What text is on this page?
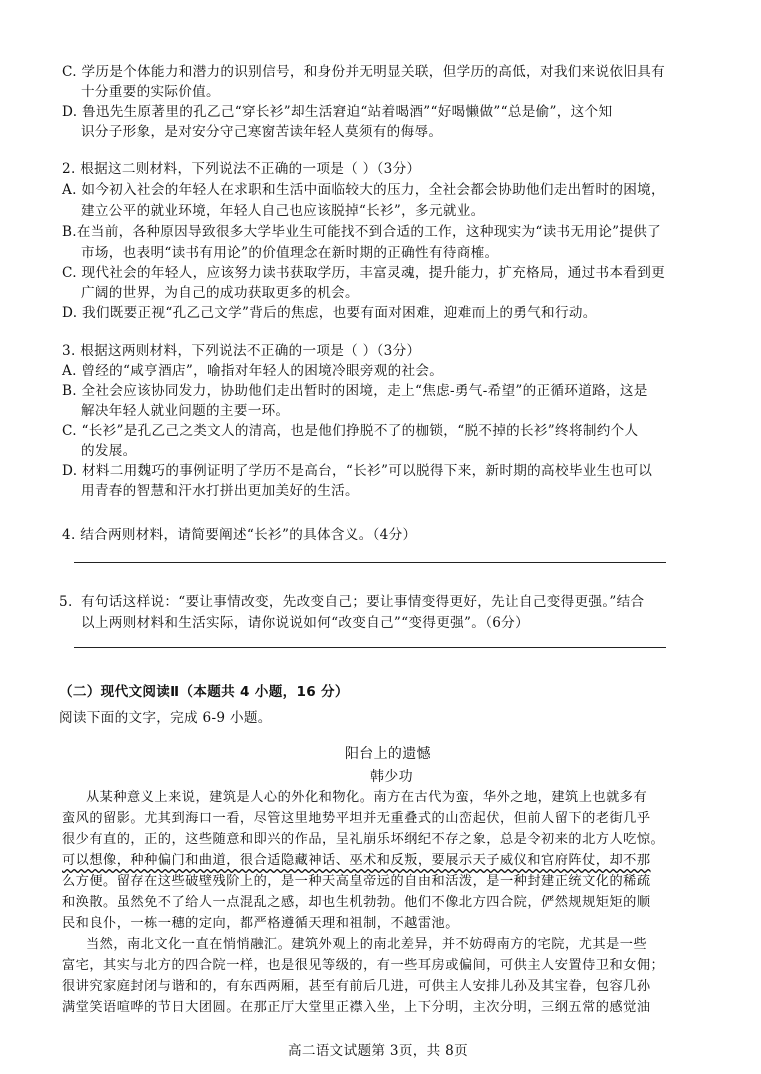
C. 学历是个体能力和潜力的识别信号，和身份并无明显关联，但学历的高低，对我们来说依旧具有
十分重要的实际价值。
D. 鲁迅先生原著里的孔乙己“穿长衫”却生活窘迫“站着喝酒”“好喝懒做”“总是偷”，这个知
识分子形象，是对安分守己寒窗苦读年轻人莫须有的侮辱。
2. 根据这二则材料，下列说法不正确的一项是（ ）（3分）
A. 如今初入社会的年轻人在求职和生活中面临较大的压力，全社会都会协助他们走出暂时的困境，
建立公平的就业环境，年轻人自己也应该脱掉“长衫”，多元就业。
B.在当前，各种原因导致很多大学毕业生可能找不到合适的工作，这种现实为“读书无用论”提供了
市场，也表明“读书有用论”的价值理念在新时期的正确性有待商榷。
C. 现代社会的年轻人，应该努力读书获取学历，丰富灵魂，提升能力，扩充格局，通过书本看到更
广阔的世界，为自己的成功获取更多的机会。
D. 我们既要正视“孔乙己文学”背后的焦虑，也要有面对困难，迎难而上的勇气和行动。
3. 根据这两则材料，下列说法不正确的一项是（ ）（3分）
A. 曾经的“咸亨酒店”，喻指对年轻人的困境冷眼旁观的社会。
B. 全社会应该协同发力，协助他们走出暂时的困境，走上“焦虑-勇气-希望”的正循环道路，这是
解决年轻人就业问题的主要一环。
C. “长衫”是孔乙己之类文人的清高，也是他们挣脱不了的枷锁，“脱不掉的长衫”终将制约个人
的发展。
D. 材料二用魏巧的事例证明了学历不是高台，“长衫”可以脱得下来，新时期的高校毕业生也可以
用青春的智慧和汗水打拼出更加美好的生活。
4. 结合两则材料，请简要阐述“长衫”的具体含义。（4分）
5. 有句话这样说：“要让事情改变，先改变自己；要让事情变得更好，先让自己变得更强。”结合
以上两则材料和生活实际，请你说说如何“改变自己”“变得更强”。（6分）
（二）现代文阅读Ⅱ（本题共 4 小题，16 分）
阅读下面的文字，完成 6-9 小题。
阳台上的遗憾
韩少功
从某种意义上来说，建筑是人心的外化和物化。南方在古代为蛮，华外之地，建筑上也就多有
蛮风的留影。尤其到海口一看，尽管这里地势平坦并无重叠式的山峦起伏，但前人留下的老街几乎
很少有直的，正的，这些随意和即兴的作品，呈礼崩乐坏纲纪不存之象，总是令初来的北方人吃惊。
可以想像，种种偏门和曲道，很合适隐藏神话、巫术和反叛，要展示天子威仪和官府阵仗，却不那
么方便。留存在这些破壁残阶上的，是一种天高皇帝远的自由和活泼，是一种封建正统文化的稀疏
和涣散。虽然免不了给人一点混乱之感，却也生机勃勃。他们不像北方四合院，俨然规规矩矩的顺
民和良仆，一栋一穗的定向，都严格遵循天理和祖制，不越雷池。
当然，南北文化一直在悄悄融汇。建筑外观上的南北差异，并不妨碍南方的宅院，尤其是一些
富宅，其实与北方的四合院一样，也是很见等级的，有一些耳房或偏间，可供主人安置侍卫和女佣；
很讲究家庭封闭与谐和的，有东西两厢，甚至有前后几进，可供主人安排儿孙及其宝眷，包容几孙
满堂笑语喧哗的节日大团圆。在那正厅大堂里正襟入坐，上下分明，主次分明，三纲五常的感觉油
高二语文试题第 3页，共 8页
